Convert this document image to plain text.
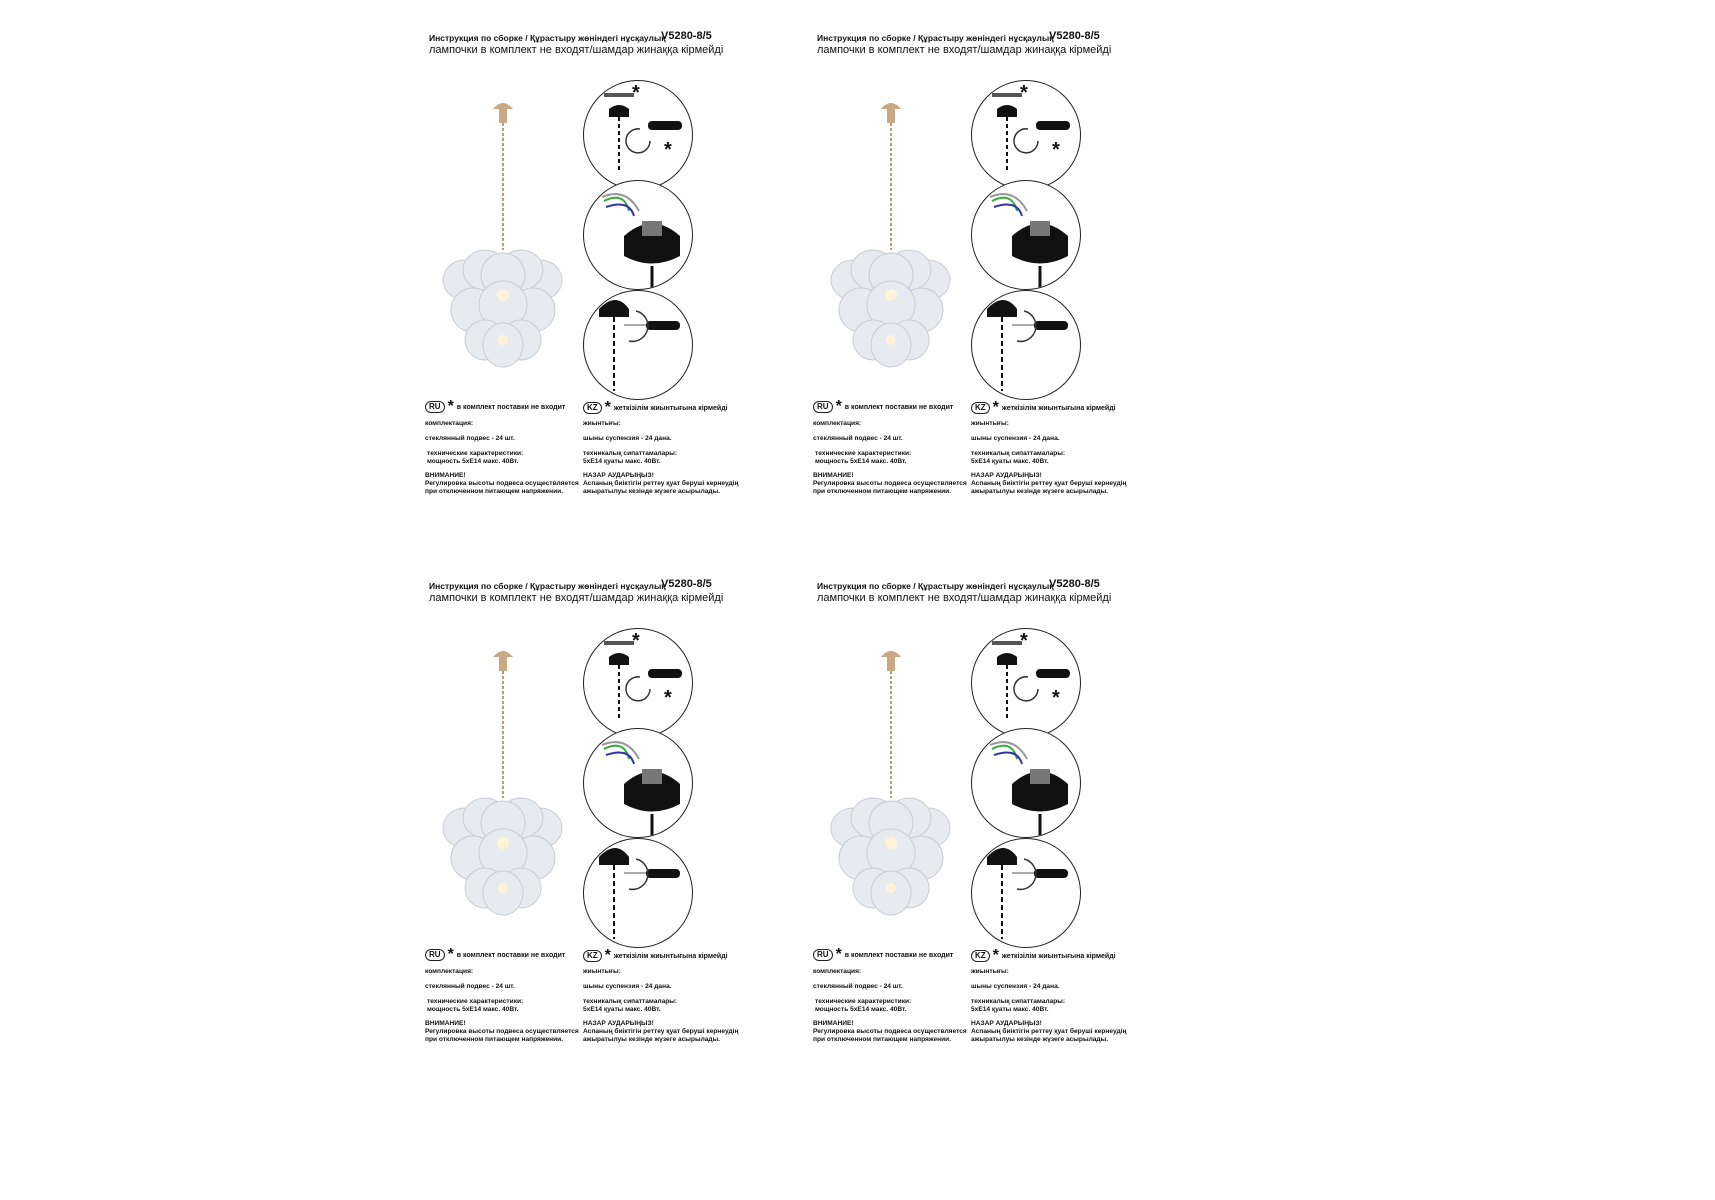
Инструкция по сборке / Құрастыру жөніндегі нұсқаулық
V5280-8/5
лампочки в комплект не входят/шамдар жинаққа кірмейді
*
*
RU * в комплект поставки не входит	KZ * жеткізілім жиынтығына кірмейді
комплектация:	жиынтығы:
стеклянный подвес - 24 шт.	шыны суспензия - 24 дана.
технические характеристики:	техникалық сипаттамалары:
мощность 5хE14 макс. 40Вт.	5хE14 қуаты макс. 40Вт.
ВНИМАНИЕ!	НАЗАР АУДАРЫҢЫЗ!
Регулировка высоты подвеса осуществляется Аспаның биіктігін реттеу қуат беруші кернеудің
при отключенном питающем напряжении.	ажыратылуы кезінде жүзеге асырылады.
Инструкция по сборке / Құрастыру жөніндегі нұсқаулық
V5280-8/5
лампочки в комплект не входят/шамдар жинаққа кірмейді
*
*
RU * в комплект поставки не входит	KZ * жеткізілім жиынтығына кірмейді
комплектация:	жиынтығы:
стеклянный подвес - 24 шт.	шыны суспензия - 24 дана.
технические характеристики:	техникалық сипаттамалары:
мощность 5хE14 макс. 40Вт.	5хE14 қуаты макс. 40Вт.
ВНИМАНИЕ!	НАЗАР АУДАРЫҢЫЗ!
Регулировка высоты подвеса осуществляется Аспаның биіктігін реттеу қуат беруші кернеудің
при отключенном питающем напряжении.	ажыратылуы кезінде жүзеге асырылады.
Инструкция по сборке / Құрастыру жөніндегі нұсқаулық
V5280-8/5
лампочки в комплект не входят/шамдар жинаққа кірмейді
*
*
RU * в комплект поставки не входит	KZ * жеткізілім жиынтығына кірмейді
комплектация:	жиынтығы:
стеклянный подвес - 24 шт.	шыны суспензия - 24 дана.
технические характеристики:	техникалық сипаттамалары:
мощность 5хE14 макс. 40Вт.	5хE14 қуаты макс. 40Вт.
ВНИМАНИЕ!	НАЗАР АУДАРЫҢЫЗ!
Регулировка высоты подвеса осуществляется Аспаның биіктігін реттеу қуат беруші кернеудің
при отключенном питающем напряжении.	ажыратылуы кезінде жүзеге асырылады.
Инструкция по сборке / Құрастыру жөніндегі нұсқаулық
V5280-8/5
лампочки в комплект не входят/шамдар жинаққа кірмейді
*
*
RU * в комплект поставки не входит	KZ * жеткізілім жиынтығына кірмейді
комплектация:	жиынтығы:
стеклянный подвес - 24 шт.	шыны суспензия - 24 дана.
технические характеристики:	техникалық сипаттамалары:
мощность 5хE14 макс. 40Вт.	5хE14 қуаты макс. 40Вт.
ВНИМАНИЕ!	НАЗАР АУДАРЫҢЫЗ!
Регулировка высоты подвеса осуществляется Аспаның биіктігін реттеу қуат беруші кернеудің
при отключенном питающем напряжении.	ажыратылуы кезінде жүзеге асырылады.
